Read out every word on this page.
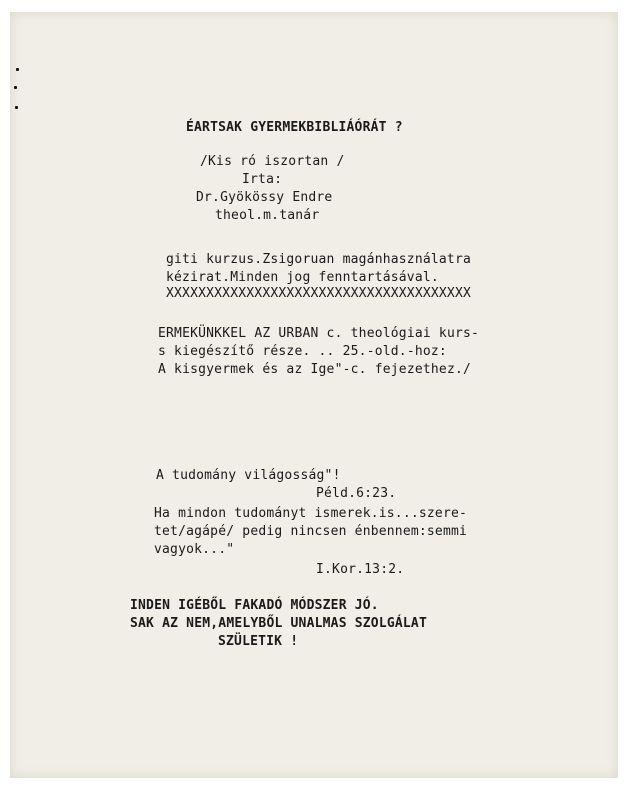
ÉARTSAK GYERMEKBIBLIÁÓRÁT ?
/Kis ró iszortan /
Irta:
Dr.Gyökössy Endre
theol.m.tanár
giti kurzus.Zsigoruan magánhasználatra
kézirat.Minden jog fenntartásával.
XXXXXXXXXXXXXXXXXXXXXXXXXXXXXXXXXXXXXX
ERMEKÜNKKEL AZ URBAN c. theológiai kurs-
s kiegészítő része. .. 25.-old.-hoz:
A kisgyermek és az Ige"-c. fejezethez./
A tudomány világosság"!
Péld.6:23.
Ha mindon tudományt ismerek.is...szere-
tet/agápé/ pedig nincsen énbennem:semmi
vagyok..."
I.Kor.13:2.
INDEN IGÉBŐL FAKADÓ MÓDSZER JÓ.
SAK AZ NEM,AMELYBŐL UNALMAS SZOLGÁLAT
SZÜLETIK !
